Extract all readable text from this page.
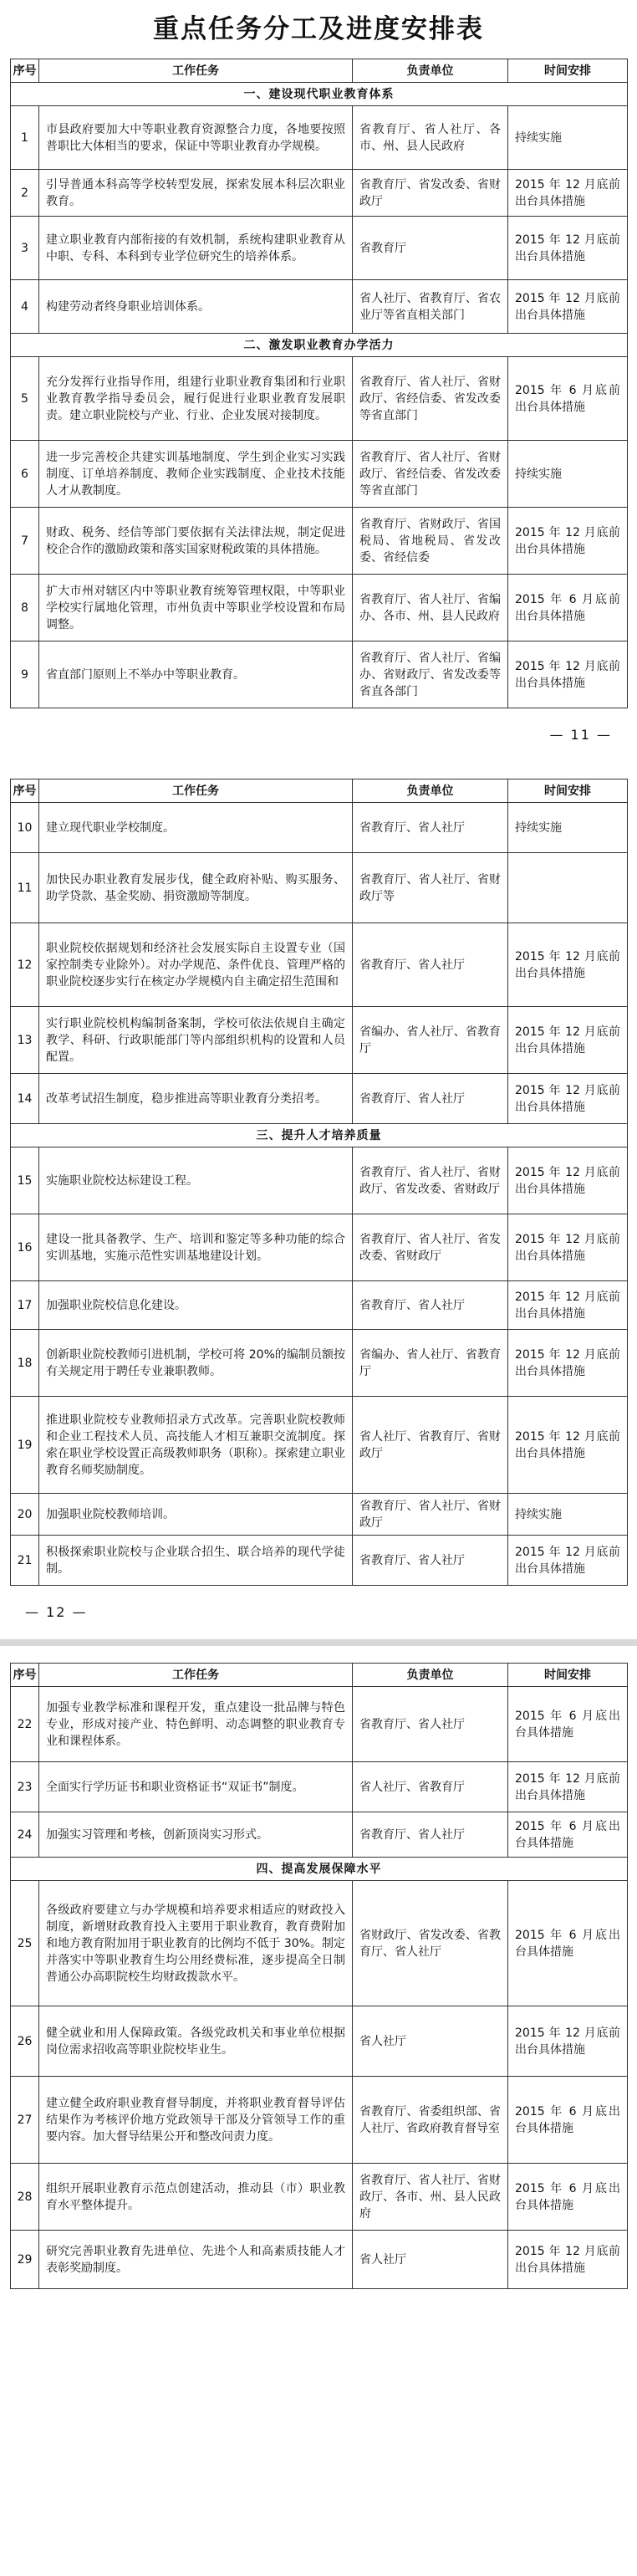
重点任务分工及进度安排表
序号	工作任务	负责单位	时间安排
一、建设现代职业教育体系			
1	市县政府要加大中等职业教育资源整合力度，各地要按照普职比大体相当的要求，保证中等职业教育办学规模。	省教育厅、省人社厅、各市、州、县人民政府	持续实施
2	引导普通本科高等学校转型发展，探索发展本科层次职业教育。	省教育厅、省发改委、省财政厅	2015 年 12 月底前出台具体措施
3	建立职业教育内部衔接的有效机制，系统构建职业教育从中职、专科、本科到专业学位研究生的培养体系。	省教育厅	2015 年 12 月底前出台具体措施
4	构建劳动者终身职业培训体系。	省人社厅、省教育厅、省农业厅等省直相关部门	2015 年 12 月底前出台具体措施
二、激发职业教育办学活力			
5	充分发挥行业指导作用，组建行业职业教育集团和行业职业教育教学指导委员会，履行促进行业职业教育发展职责。建立职业院校与产业、行业、企业发展对接制度。	省教育厅、省人社厅、省财政厅、省经信委、省发改委等省直部门	2015 年 6 月底前出台具体措施
6	进一步完善校企共建实训基地制度、学生到企业实习实践制度、订单培养制度、教师企业实践制度、企业技术技能人才从教制度。	省教育厅、省人社厅、省财政厅、省经信委、省发改委等省直部门	持续实施
7	财政、税务、经信等部门要依据有关法律法规，制定促进校企合作的激励政策和落实国家财税政策的具体措施。	省教育厅、省财政厅、省国税局、省地税局、省发改委、省经信委	2015 年 12 月底前出台具体措施
8	扩大市州对辖区内中等职业教育统筹管理权限，中等职业学校实行属地化管理，市州负责中等职业学校设置和布局调整。	省教育厅、省人社厅、省编办、各市、州、县人民政府	2015 年 6 月底前出台具体措施
9	省直部门原则上不举办中等职业教育。	省教育厅、省人社厅、省编办、省财政厅、省发改委等省直各部门	2015 年 12 月底前出台具体措施
— 11 —
序号	工作任务	负责单位	时间安排
10	建立现代职业学校制度。	省教育厅、省人社厅	持续实施
11	加快民办职业教育发展步伐，健全政府补贴、购买服务、助学贷款、基金奖励、捐资激励等制度。	省教育厅、省人社厅、省财政厅等	
12	职业院校依据规划和经济社会发展实际自主设置专业（国家控制类专业除外）。对办学规范、条件优良、管理严格的职业院校逐步实行在核定办学规模内自主确定招生范围和	省教育厅、省人社厅	2015 年 12 月底前出台具体措施
13	实行职业院校机构编制备案制，学校可依法依规自主确定教学、科研、行政职能部门等内部组织机构的设置和人员配置。	省编办、省人社厅、省教育厅	2015 年 12 月底前出台具体措施
14	改革考试招生制度，稳步推进高等职业教育分类招考。	省教育厅、省人社厅	2015 年 12 月底前出台具体措施
三、提升人才培养质量			
15	实施职业院校达标建设工程。	省教育厅、省人社厅、省财政厅、省发改委、省财政厅	2015 年 12 月底前出台具体措施
16	建设一批具备教学、生产、培训和鉴定等多种功能的综合实训基地，实施示范性实训基地建设计划。	省教育厅、省人社厅、省发改委、省财政厅	2015 年 12 月底前出台具体措施
17	加强职业院校信息化建设。	省教育厅、省人社厅	2015 年 12 月底前出台具体措施
18	创新职业院校教师引进机制，学校可将 20%的编制员额按有关规定用于聘任专业兼职教师。	省编办、省人社厅、省教育厅	2015 年 12 月底前出台具体措施
19	推进职业院校专业教师招录方式改革。完善职业院校教师和企业工程技术人员、高技能人才相互兼职交流制度。探索在职业学校设置正高级教师职务（职称）。探索建立职业教育名师奖励制度。	省人社厅、省教育厅、省财政厅	2015 年 12 月底前出台具体措施
20	加强职业院校教师培训。	省教育厅、省人社厅、省财政厅	持续实施
21	积极探索职业院校与企业联合招生、联合培养的现代学徒制。	省教育厅、省人社厅	2015 年 12 月底前出台具体措施
— 12 —
序号	工作任务	负责单位	时间安排
22	加强专业教学标准和课程开发，重点建设一批品牌与特色专业，形成对接产业、特色鲜明、动态调整的职业教育专业和课程体系。	省教育厅、省人社厅	2015 年 6 月底出台具体措施
23	全面实行学历证书和职业资格证书“双证书”制度。	省人社厅、省教育厅	2015 年 12 月底前出台具体措施
24	加强实习管理和考核，创新顶岗实习形式。	省教育厅、省人社厅	2015 年 6 月底出台具体措施
四、提高发展保障水平			
25	各级政府要建立与办学规模和培养要求相适应的财政投入制度，新增财政教育投入主要用于职业教育，教育费附加和地方教育附加用于职业教育的比例均不低于 30%。制定并落实中等职业教育生均公用经费标准，逐步提高全日制普通公办高职院校生均财政拨款水平。	省财政厅、省发改委、省教育厅、省人社厅	2015 年 6 月底出台具体措施
26	健全就业和用人保障政策。各级党政机关和事业单位根据岗位需求招收高等职业院校毕业生。	省人社厅	2015 年 12 月底前出台具体措施
27	建立健全政府职业教育督导制度，并将职业教育督导评估结果作为考核评价地方党政领导干部及分管领导工作的重要内容。加大督导结果公开和整改问责力度。	省教育厅、省委组织部、省人社厅、省政府教育督导室	2015 年 6 月底出台具体措施
28	组织开展职业教育示范点创建活动，推动县（市）职业教育水平整体提升。	省教育厅、省人社厅、省财政厅、各市、州、县人民政府	2015 年 6 月底出台具体措施
29	研究完善职业教育先进单位、先进个人和高素质技能人才表彰奖励制度。	省人社厅	2015 年 12 月底前出台具体措施
